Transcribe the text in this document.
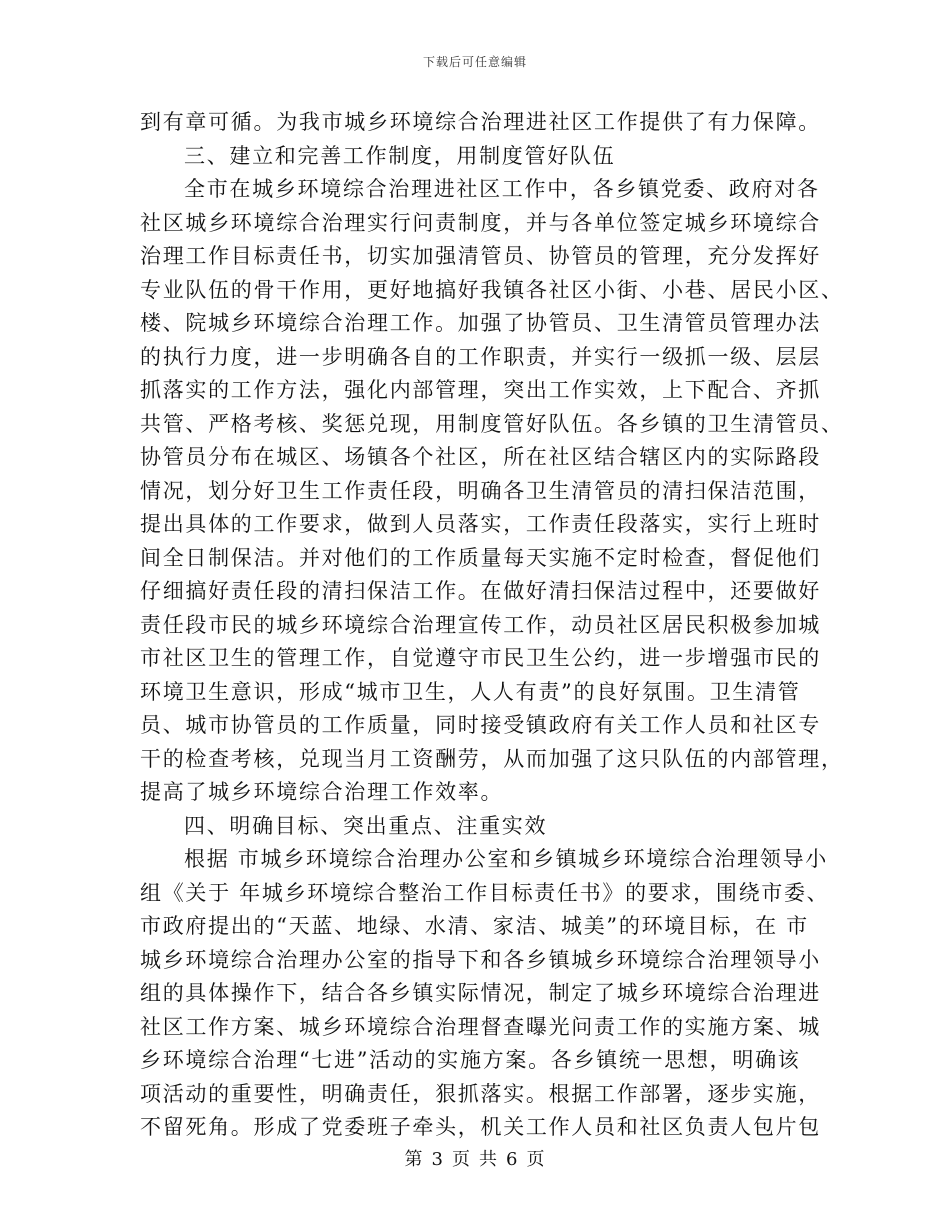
下载后可任意编辑
到有章可循。为我市城乡环境综合治理进社区工作提供了有力保障。
三、建立和完善工作制度，用制度管好队伍
全市在城乡环境综合治理进社区工作中，各乡镇党委、政府对各
社区城乡环境综合治理实行问责制度，并与各单位签定城乡环境综合
治理工作目标责任书，切实加强清管员、协管员的管理，充分发挥好
专业队伍的骨干作用，更好地搞好我镇各社区小街、小巷、居民小区、
楼、院城乡环境综合治理工作。加强了协管员、卫生清管员管理办法
的执行力度，进一步明确各自的工作职责，并实行一级抓一级、层层
抓落实的工作方法，强化内部管理，突出工作实效，上下配合、齐抓
共管、严格考核、奖惩兑现，用制度管好队伍。各乡镇的卫生清管员、
协管员分布在城区、场镇各个社区，所在社区结合辖区内的实际路段
情况，划分好卫生工作责任段，明确各卫生清管员的清扫保洁范围，
提出具体的工作要求，做到人员落实，工作责任段落实，实行上班时
间全日制保洁。并对他们的工作质量每天实施不定时检查，督促他们
仔细搞好责任段的清扫保洁工作。在做好清扫保洁过程中，还要做好
责任段市民的城乡环境综合治理宣传工作，动员社区居民积极参加城
市社区卫生的管理工作，自觉遵守市民卫生公约，进一步增强市民的
环境卫生意识，形成“城市卫生，人人有责”的良好氛围。卫生清管
员、城市协管员的工作质量，同时接受镇政府有关工作人员和社区专
干的检查考核，兑现当月工资酬劳，从而加强了这只队伍的内部管理，
提高了城乡环境综合治理工作效率。
四、明确目标、突出重点、注重实效
根据 市城乡环境综合治理办公室和乡镇城乡环境综合治理领导小
组《关于 年城乡环境综合整治工作目标责任书》的要求，围绕市委、
市政府提出的“天蓝、地绿、水清、家洁、城美”的环境目标，在 市
城乡环境综合治理办公室的指导下和各乡镇城乡环境综合治理领导小
组的具体操作下，结合各乡镇实际情况，制定了城乡环境综合治理进
社区工作方案、城乡环境综合治理督查曝光问责工作的实施方案、城
乡环境综合治理“七进”活动的实施方案。各乡镇统一思想，明确该
项活动的重要性，明确责任，狠抓落实。根据工作部署，逐步实施，
不留死角。形成了党委班子牵头，机关工作人员和社区负责人包片包
第 3 页 共 6 页
